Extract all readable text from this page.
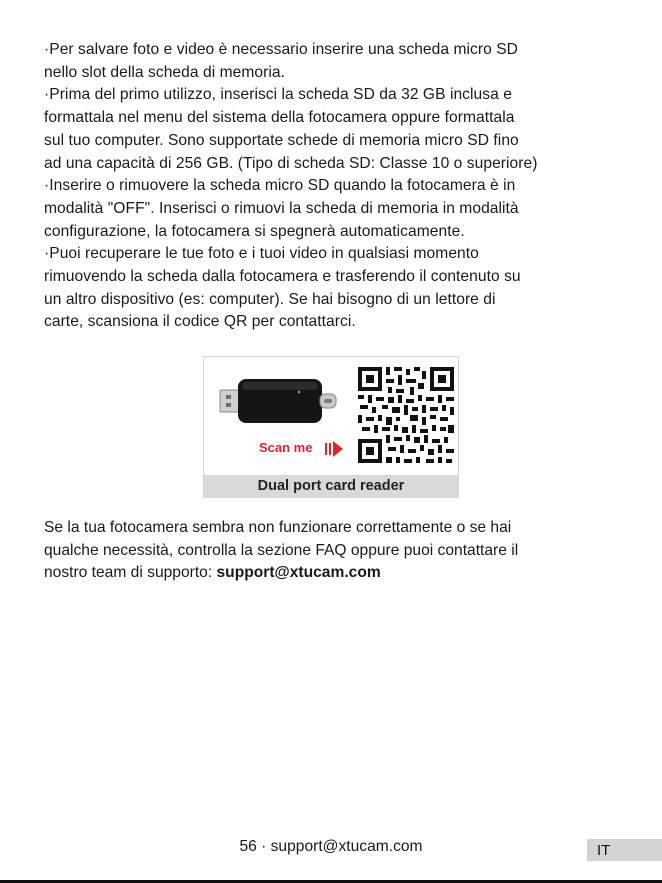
·Per salvare foto e video è necessario inserire una scheda micro SD
nello slot della scheda di memoria.

·Prima del primo utilizzo, inserisci la scheda SD da 32 GB inclusa e
formattala nel menu del sistema della fotocamera oppure formattala
sul tuo computer. Sono supportate schede di memoria micro SD fino
ad una capacità di 256 GB. (Tipo di scheda SD: Classe 10 o superiore)

·Inserire o rimuovere la scheda micro SD quando la fotocamera è in
modalità "OFF". Inserisci o rimuovi la scheda di memoria in modalità
configurazione, la fotocamera si spegnerà automaticamente.

·Puoi recuperare le tue foto e i tuoi video in qualsiasi momento
rimuovendo la scheda dalla fotocamera e trasferendo il contenuto su
un altro dispositivo (es: computer). Se hai bisogno di un lettore di
carte, scansiona il codice QR per contattarci.

Scan me
Dual port card reader
Se la tua fotocamera sembra non funzionare correttamente o se hai
qualche necessità, controlla la sezione FAQ oppure puoi contattare il
nostro team di supporto: support@xtucam.com
56 · support@xtucam.com	IT
